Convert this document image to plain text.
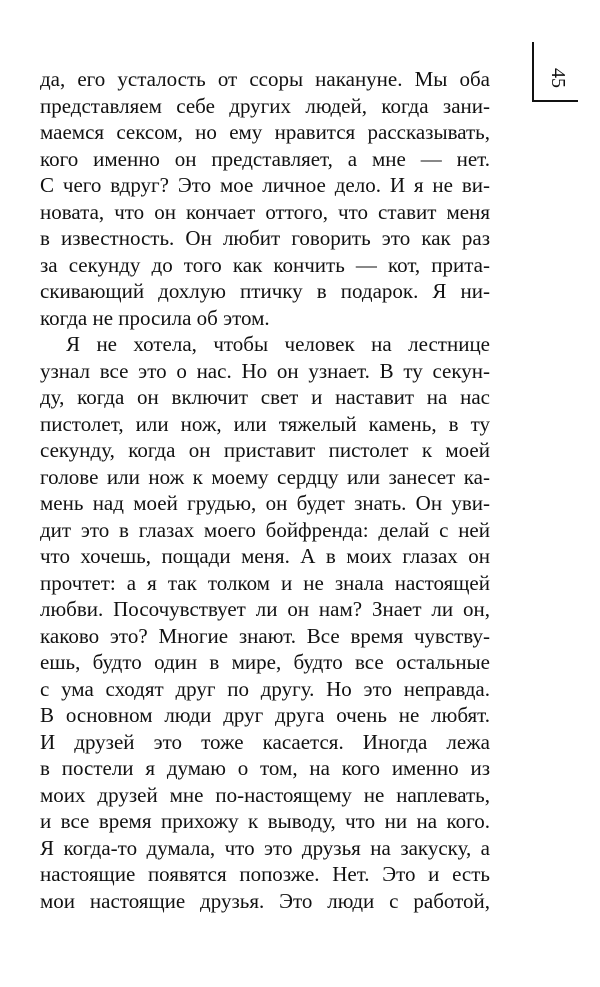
45
да, его усталость от ссоры накануне. Мы оба
представляем себе других людей, когда зани-
маемся сексом, но ему нравится рассказывать,
кого именно он представляет, а мне — нет.
С чего вдруг? Это мое личное дело. И я не ви-
новата, что он кончает оттого, что ставит меня
в известность. Он любит говорить это как раз
за секунду до того как кончить — кот, прита-
скивающий дохлую птичку в подарок. Я ни-
когда не просила об этом.
Я не хотела, чтобы человек на лестнице
узнал все это о нас. Но он узнает. В ту секун-
ду, когда он включит свет и наставит на нас
пистолет, или нож, или тяжелый камень, в ту
секунду, когда он приставит пистолет к моей
голове или нож к моему сердцу или занесет ка-
мень над моей грудью, он будет знать. Он уви-
дит это в глазах моего бойфренда: делай с ней
что хочешь, пощади меня. А в моих глазах он
прочтет: а я так толком и не знала настоящей
любви. Посочувствует ли он нам? Знает ли он,
каково это? Многие знают. Все время чувству-
ешь, будто один в мире, будто все остальные
с ума сходят друг по другу. Но это неправда.
В основном люди друг друга очень не любят.
И друзей это тоже касается. Иногда лежа
в постели я думаю о том, на кого именно из
моих друзей мне по-настоящему не наплевать,
и все время прихожу к выводу, что ни на кого.
Я когда-то думала, что это друзья на закуску, а
настоящие появятся попозже. Нет. Это и есть
мои настоящие друзья. Это люди с работой,
